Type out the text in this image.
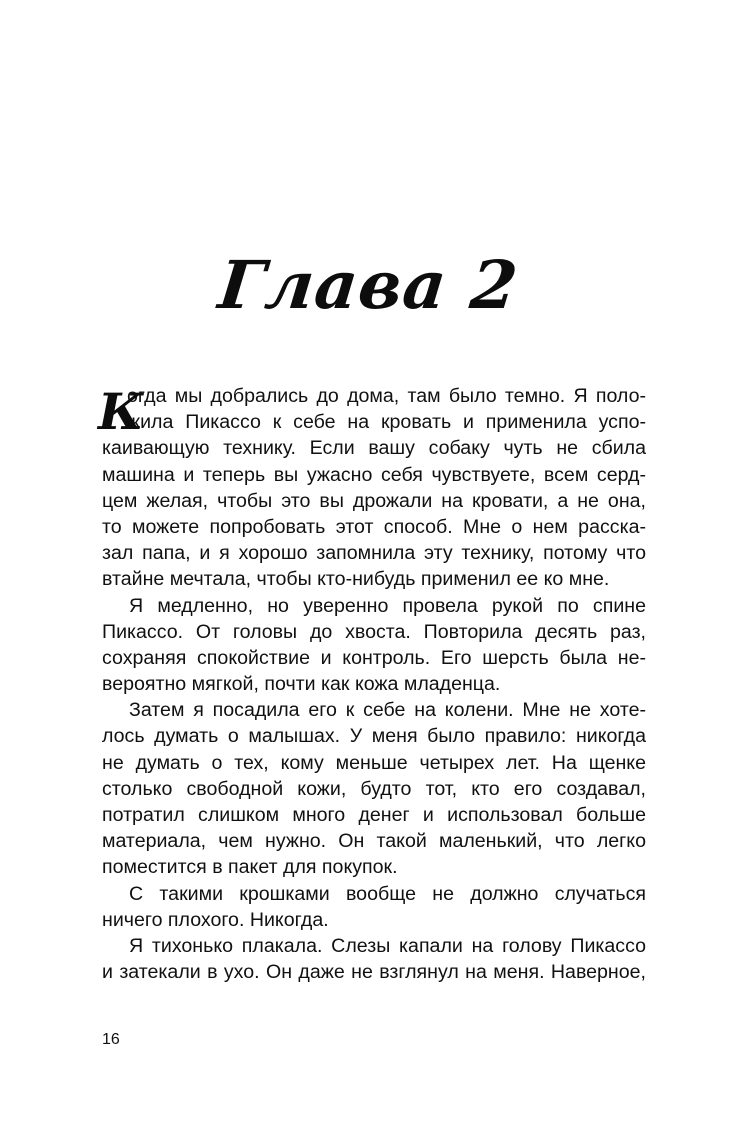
Глава 2
К
огда мы добрались до дома, там было темно. Я поло-
жила Пикассо к себе на кровать и применила успо-
каивающую технику. Если вашу собаку чуть не сбила
машина и теперь вы ужасно себя чувствуете, всем серд-
цем желая, чтобы это вы дрожали на кровати, а не она,
то можете попробовать этот способ. Мне о нем расска-
зал папа, и я хорошо запомнила эту технику, потому что
втайне мечтала, чтобы кто-нибудь применил ее ко мне.
Я медленно, но уверенно провела рукой по спине
Пикассо. От головы до хвоста. Повторила десять раз,
сохраняя спокойствие и контроль. Его шерсть была не-
вероятно мягкой, почти как кожа младенца.
Затем я посадила его к себе на колени. Мне не хоте-
лось думать о малышах. У меня было правило: никогда
не думать о тех, кому меньше четырех лет. На щенке
столько свободной кожи, будто тот, кто его создавал,
потратил слишком много денег и использовал больше
материала, чем нужно. Он такой маленький, что легко
поместится в пакет для покупок.
С такими крошками вообще не должно случаться
ничего плохого. Никогда.
Я тихонько плакала. Слезы капали на голову Пикассо
и затекали в ухо. Он даже не взглянул на меня. Наверное,
16
